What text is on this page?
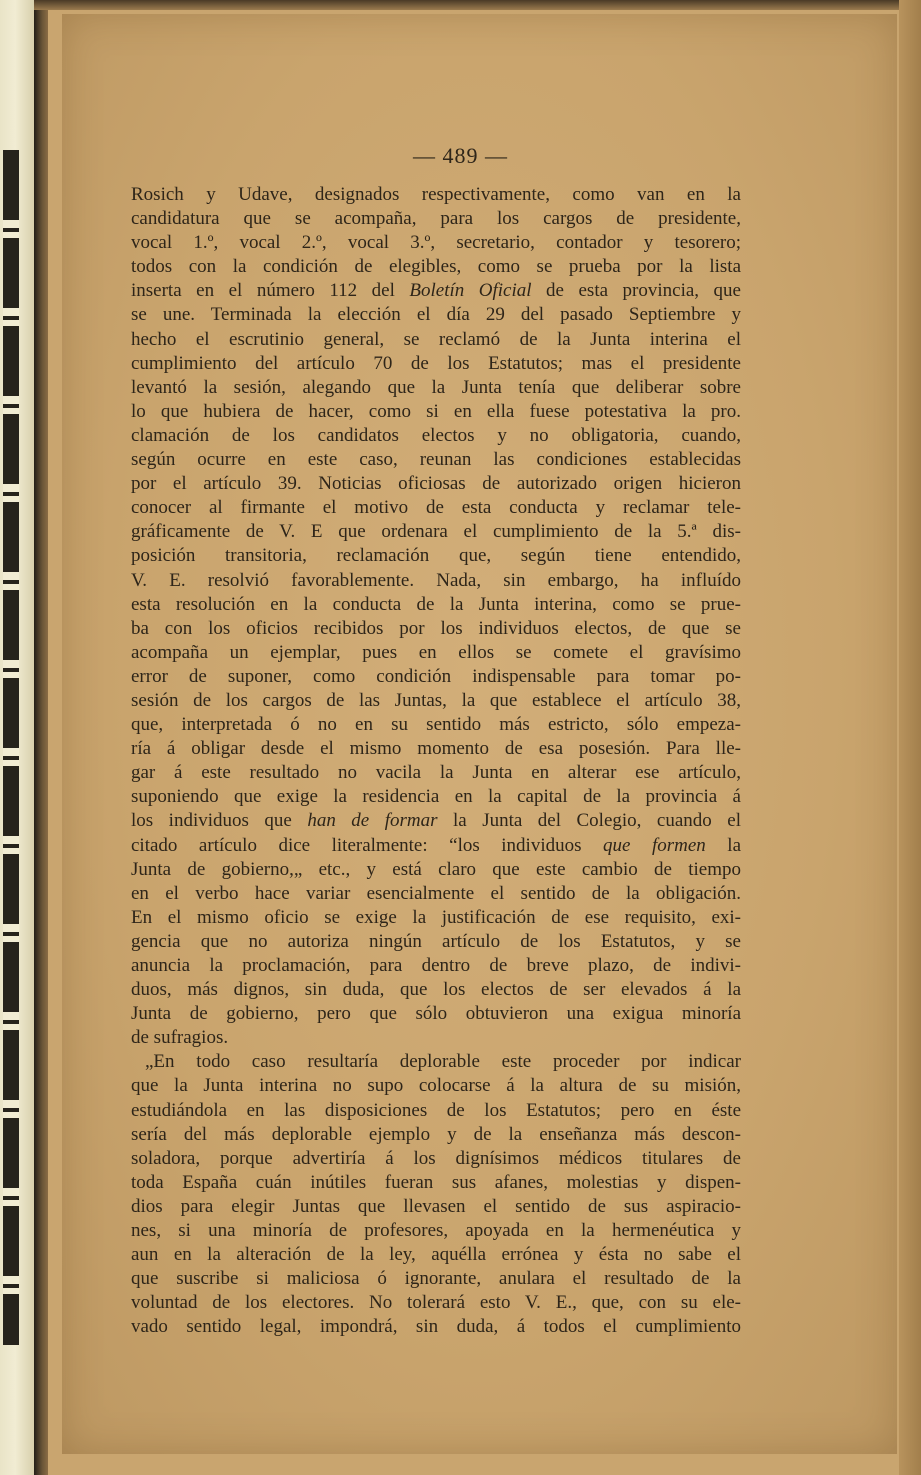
— 489 —
Rosich y Udave, designados respectivamente, como van en la
candidatura que se acompaña, para los cargos de presidente,
vocal 1.º, vocal 2.º, vocal 3.º, secretario, contador y tesorero;
todos con la condición de elegibles, como se prueba por la lista
inserta en el número 112 del Boletín Oficial de esta provincia, que
se une. Terminada la elección el día 29 del pasado Septiembre y
hecho el escrutinio general, se reclamó de la Junta interina el
cumplimiento del artículo 70 de los Estatutos; mas el presidente
levantó la sesión, alegando que la Junta tenía que deliberar sobre
lo que hubiera de hacer, como si en ella fuese potestativa la pro.
clamación de los candidatos electos y no obligatoria, cuando,
según ocurre en este caso, reunan las condiciones establecidas
por el artículo 39. Noticias oficiosas de autorizado origen hicieron
conocer al firmante el motivo de esta conducta y reclamar tele-
gráficamente de V. E que ordenara el cumplimiento de la 5.ª dis-
posición transitoria, reclamación que, según tiene entendido,
V. E. resolvió favorablemente. Nada, sin embargo, ha influído
esta resolución en la conducta de la Junta interina, como se prue-
ba con los oficios recibidos por los individuos electos, de que se
acompaña un ejemplar, pues en ellos se comete el gravísimo
error de suponer, como condición indispensable para tomar po-
sesión de los cargos de las Juntas, la que establece el artículo 38,
que, interpretada ó no en su sentido más estricto, sólo empeza-
ría á obligar desde el mismo momento de esa posesión. Para lle-
gar á este resultado no vacila la Junta en alterar ese artículo,
suponiendo que exige la residencia en la capital de la provincia á
los individuos que han de formar la Junta del Colegio, cuando el
citado artículo dice literalmente: “los individuos que formen la
Junta de gobierno,„ etc., y está claro que este cambio de tiempo
en el verbo hace variar esencialmente el sentido de la obligación.
En el mismo oficio se exige la justificación de ese requisito, exi-
gencia que no autoriza ningún artículo de los Estatutos, y se
anuncia la proclamación, para dentro de breve plazo, de indivi-
duos, más dignos, sin duda, que los electos de ser elevados á la
Junta de gobierno, pero que sólo obtuvieron una exigua minoría
de sufragios.
„En todo caso resultaría deplorable este proceder por indicar
que la Junta interina no supo colocarse á la altura de su misión,
estudiándola en las disposiciones de los Estatutos; pero en éste
sería del más deplorable ejemplo y de la enseñanza más descon-
soladora, porque advertiría á los dignísimos médicos titulares de
toda España cuán inútiles fueran sus afanes, molestias y dispen-
dios para elegir Juntas que llevasen el sentido de sus aspiracio-
nes, si una minoría de profesores, apoyada en la hermenéutica y
aun en la alteración de la ley, aquélla errónea y ésta no sabe el
que suscribe si maliciosa ó ignorante, anulara el resultado de la
voluntad de los electores. No tolerará esto V. E., que, con su ele-
vado sentido legal, impondrá, sin duda, á todos el cumplimiento
